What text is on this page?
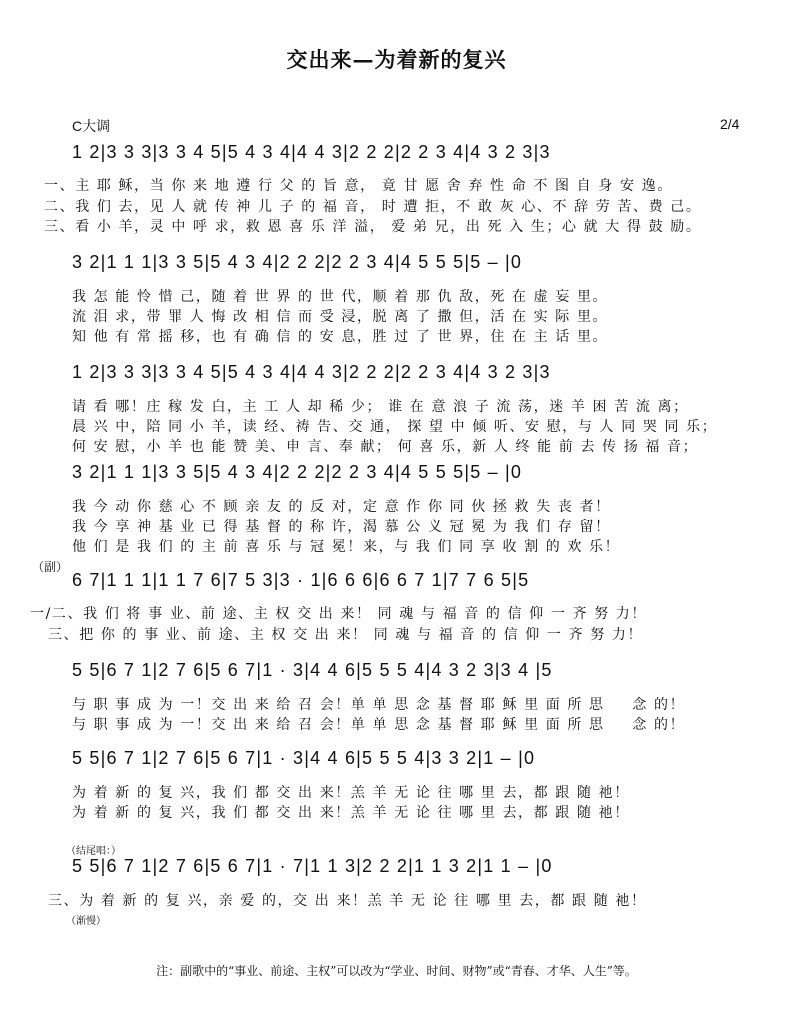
交出来—为着新的复兴
C大调	2/4
1 2|3 3 3|3 3 4 5|5 4 3 4|4 4 3|2 2 2|2 2 3 4|4 3 2 3|3
一、主 耶 稣，当 你 来 地 遵 行 父 的 旨 意， 竟 甘 愿 舍 弃 性 命 不 图 自 身 安 逸。
二、我 们 去，见 人 就 传 神 儿 子 的 福 音， 时 遭 拒，不 敢 灰 心、不 辞 劳 苦、费 己。
三、看 小 羊，灵 中 呼 求，救 恩 喜 乐 洋 溢， 爱 弟 兄，出 死 入 生；心 就 大 得 鼓 励。
3 2|1 1 1|3 3 5|5 4 3 4|2 2 2|2 2 3 4|4 5 5 5|5 – |0
我 怎 能 怜 惜 己，随 着 世 界 的 世 代，顺 着 那 仇 敌，死 在 虚 妄 里。
流 泪 求，带 罪 人 悔 改 相 信 而 受 浸，脱 离 了 撒 但，活 在 实 际 里。
知 他 有 常 摇 移，也 有 确 信 的 安 息，胜 过 了 世 界，住 在 主 话 里。
1 2|3 3 3|3 3 4 5|5 4 3 4|4 4 3|2 2 2|2 2 3 4|4 3 2 3|3
请 看 哪！庄 稼 发 白，主 工 人 却 稀 少； 谁 在 意 浪 子 流 荡，迷 羊 困 苦 流 离；
晨 兴 中，陪 同 小 羊，读 经、祷 告、交 通， 探 望 中 倾 听、安 慰，与 人 同 哭 同 乐；
何 安 慰，小 羊 也 能 赞 美、申 言、奉 献； 何 喜 乐，新 人 终 能 前 去 传 扬 福 音；
3 2|1 1 1|3 3 5|5 4 3 4|2 2 2|2 2 3 4|4 5 5 5|5 – |0
我 今 动 你 慈 心 不 顾 亲 友 的 反 对，定 意 作 你 同 伙 拯 救 失 丧 者！
我 今 享 神 基 业 已 得 基 督 的 称 许，渴 慕 公 义 冠 冕 为 我 们 存 留！
他 们 是 我 们 的 主 前 喜 乐 与 冠 冕！来，与 我 们 同 享 收 割 的 欢 乐！
（副）
6 7|1 1 1|1 1 7 6|7 5 3|3 · 1|6 6 6|6 6 7 1|7 7 6 5|5
一/二、我 们 将 事 业、前 途、主 权 交 出 来！ 同 魂 与 福 音 的 信 仰 一 齐 努 力！
三、把 你 的 事 业、前 途、主 权 交 出 来！ 同 魂 与 福 音 的 信 仰 一 齐 努 力！
5 5|6 7 1|2 7 6|5 6 7|1 · 3|4 4 6|5 5 5 4|4 3 2 3|3 4 |5
与 职 事 成 为 一！交 出 来 给 召 会！单 单 思 念 基 督 耶 稣 里 面 所 思 　 念 的！
与 职 事 成 为 一！交 出 来 给 召 会！单 单 思 念 基 督 耶 稣 里 面 所 思 　 念 的！
5 5|6 7 1|2 7 6|5 6 7|1 · 3|4 4 6|5 5 5 4|3 3 2|1 – |0
为 着 新 的 复 兴，我 们 都 交 出 来！羔 羊 无 论 往 哪 里 去，都 跟 随 祂！
为 着 新 的 复 兴，我 们 都 交 出 来！羔 羊 无 论 往 哪 里 去，都 跟 随 祂！
（结尾唱：）
5 5|6 7 1|2 7 6|5 6 7|1 · 7|1 1 3|2 2 2|1 1 3 2|1 1 – |0
三、为 着 新 的 复 兴，亲 爱 的，交 出 来！羔 羊 无 论 往 哪 里 去，都 跟 随 祂！
（渐慢）
注：副歌中的“事业、前途、主权”可以改为“学业、时间、财物”或“青春、才华、人生”等。
